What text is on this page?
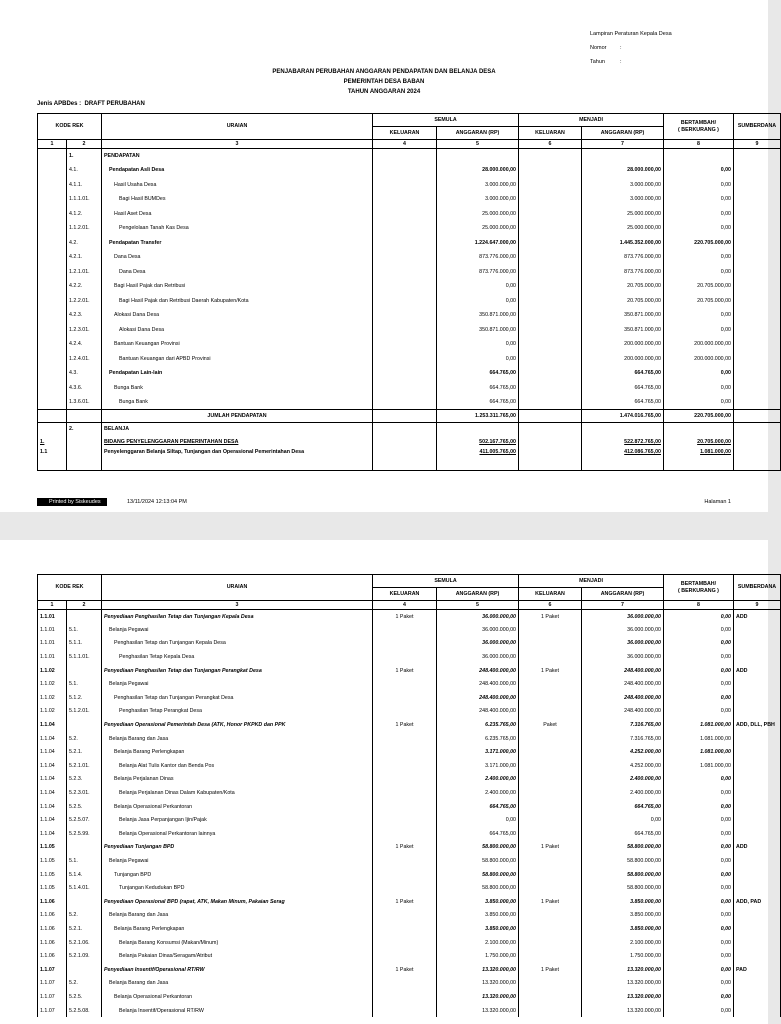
Lampiran Peraturan Kepala Desa
Nomor :
Tahun	:
PENJABARAN PERUBAHAN ANGGARAN PENDAPATAN DAN BELANJA DESA
PEMERINTAH DESA BABAN
TAHUN ANGGARAN 2024
Jenis APBDes : DRAFT PERUBAHAN
KODE REK		URAIAN	SEMULA		MENJADI		BERTAMBAH/
( BERKURANG )	SUMBERDANA
			KELUARAN	ANGGARAN (RP)	KELUARAN	ANGGARAN (RP)		
1	2	3	4	5	6	7	8	9
	1.	PENDAPATAN						
	4.1.	Pendapatan Asli Desa		28.000.000,00		28.000.000,00	0,00	
	4.1.1.	Hasil Usaha Desa		3.000.000,00		3.000.000,00	0,00	
	1.1.1.01.	Bagi Hasil BUMDes		3.000.000,00		3.000.000,00	0,00	
	4.1.2.	Hasil Aset Desa		25.000.000,00		25.000.000,00	0,00	
	1.1.2.01.	Pengelolaan Tanah Kas Desa		25.000.000,00		25.000.000,00	0,00	
	4.2.	Pendapatan Transfer		1.224.647.000,00		1.445.352.000,00	220.705.000,00	
	4.2.1.	Dana Desa		873.776.000,00		873.776.000,00	0,00	
	1.2.1.01.	Dana Desa		873.776.000,00		873.776.000,00	0,00	
	4.2.2.	Bagi Hasil Pajak dan Retribusi		0,00		20.705.000,00	20.705.000,00	
	1.2.2.01.	Bagi Hasil Pajak dan Retribusi Daerah Kabupaten/Kota		0,00		20.705.000,00	20.705.000,00	
	4.2.3.	Alokasi Dana Desa		350.871.000,00		350.871.000,00	0,00	
	1.2.3.01.	Alokasi Dana Desa		350.871.000,00		350.871.000,00	0,00	
	4.2.4.	Bantuan Keuangan Provinsi		0,00		200.000.000,00	200.000.000,00	
	1.2.4.01.	Bantuan Keuangan dari APBD Provinsi		0,00		200.000.000,00	200.000.000,00	
	4.3.	Pendapatan Lain-lain		664.765,00		664.765,00	0,00	
	4.3.6.	Bunga Bank		664.765,00		664.765,00	0,00	
	1.3.6.01.	Bunga Bank		664.765,00		664.765,00	0,00	
		JUMLAH PENDAPATAN		1.253.311.765,00		1.474.016.765,00	220.705.000,00	
	2.	BELANJA						
1.		BIDANG PENYELENGGARAN PEMERINTAHAN DESA		502.167.765,00		522.872.765,00	20.705.000,00	
1.1		Penyelenggaran Belanja Siltap, Tunjangan dan Operasional Pemerintahan Desa		411.005.765,00		412.086.765,00	1.081.000,00	
Printed by Siskeudes	13/11/2024 12:13:04 PM	Halaman 1
KODE REK		URAIAN	SEMULA		MENJADI		BERTAMBAH/
( BERKURANG )	SUMBERDANA
			KELUARAN	ANGGARAN (RP)	KELUARAN	ANGGARAN (RP)		
1	2	3	4	5	6	7	8	9
1.1.01		Penyediaan Penghasilan Tetap dan Tunjangan Kepala Desa	1 Paket	36.000.000,00	1 Paket	36.000.000,00	0,00	ADD
1.1.01	5.1.	Belanja Pegawai		36.000.000,00		36.000.000,00	0,00	
1.1.01	5.1.1.	Penghasilan Tetap dan Tunjangan Kepala Desa		36.000.000,00		36.000.000,00	0,00	
1.1.01	5.1.1.01.	Penghasilan Tetap Kepala Desa		36.000.000,00		36.000.000,00	0,00	
1.1.02		Penyediaan Penghasilan Tetap dan Tunjangan Perangkat Desa	1 Paket	248.400.000,00	1 Paket	248.400.000,00	0,00	ADD
1.1.02	5.1.	Belanja Pegawai		248.400.000,00		248.400.000,00	0,00	
1.1.02	5.1.2.	Penghasilan Tetap dan Tunjangan Perangkat Desa		248.400.000,00		248.400.000,00	0,00	
1.1.02	5.1.2.01.	Penghasilan Tetap Perangkat Desa		248.400.000,00		248.400.000,00	0,00	
1.1.04		Penyediaan Operasional Pemerintah Desa (ATK, Honor PKPKD dan PPK	1 Paket	6.235.765,00	Paket	7.316.765,00	1.081.000,00	ADD, DLL, PBH
1.1.04	5.2.	Belanja Barang dan Jasa		6.235.765,00		7.316.765,00	1.081.000,00	
1.1.04	5.2.1.	Belanja Barang Perlengkapan		3.171.000,00		4.252.000,00	1.081.000,00	
1.1.04	5.2.1.01.	Belanja Alat Tulis Kantor dan Benda Pos		3.171.000,00		4.252.000,00	1.081.000,00	
1.1.04	5.2.3.	Belanja Perjalanan Dinas		2.400.000,00		2.400.000,00	0,00	
1.1.04	5.2.3.01.	Belanja Perjalanan Dinas Dalam Kabupaten/Kota		2.400.000,00		2.400.000,00	0,00	
1.1.04	5.2.5.	Belanja Operasional Perkantoran		664.765,00		664.765,00	0,00	
1.1.04	5.2.5.07.	Belanja Jasa Perpanjangan Ijin/Pajak		0,00		0,00	0,00	
1.1.04	5.2.5.99.	Belanja Operasional Perkantoran lainnya		664.765,00		664.765,00	0,00	
1.1.05		Penyediaan Tunjangan BPD	1 Paket	58.800.000,00	1 Paket	58.800.000,00	0,00	ADD
1.1.05	5.1.	Belanja Pegawai		58.800.000,00		58.800.000,00	0,00	
1.1.05	5.1.4.	Tunjangan BPD		58.800.000,00		58.800.000,00	0,00	
1.1.05	5.1.4.01.	Tunjangan Kedudukan BPD		58.800.000,00		58.800.000,00	0,00	
1.1.06		Penyediaan Operasional BPD (rapat, ATK, Makan Minum, Pakaian Serag	1 Paket	3.850.000,00	1 Paket	3.850.000,00	0,00	ADD, PAD
1.1.06	5.2.	Belanja Barang dan Jasa		3.850.000,00		3.850.000,00	0,00	
1.1.06	5.2.1.	Belanja Barang Perlengkapan		3.850.000,00		3.850.000,00	0,00	
1.1.06	5.2.1.06.	Belanja Barang Konsumsi (Makan/Minum)		2.100.000,00		2.100.000,00	0,00	
1.1.06	5.2.1.09.	Belanja Pakaian Dinas/Seragam/Atribut		1.750.000,00		1.750.000,00	0,00	
1.1.07		Penyediaan Insentif/Operasional RT/RW	1 Paket	13.320.000,00	1 Paket	13.320.000,00	0,00	PAD
1.1.07	5.2.	Belanja Barang dan Jasa		13.320.000,00		13.320.000,00	0,00	
1.1.07	5.2.5.	Belanja Operasional Perkantoran		13.320.000,00		13.320.000,00	0,00	
1.1.07	5.2.5.08.	Belanja Insentif/Operasional RT/RW		13.320.000,00		13.320.000,00	0,00	
